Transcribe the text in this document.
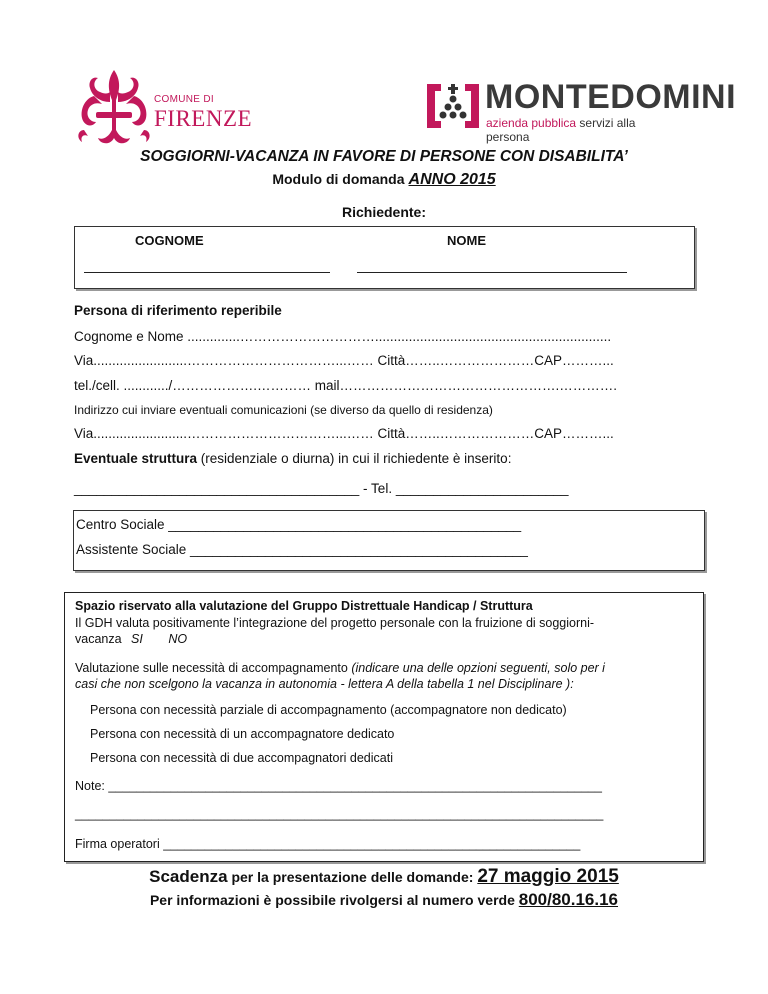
COMUNE DI
FIRENZE
MONTEDOMINI
azienda pubblica servizi alla persona
SOGGIORNI-VACANZA IN FAVORE DI PERSONE CON DISABILITA’
Modulo di domanda ANNO 2015
Richiedente:
COGNOME	NOME
Persona di riferimento reperibile
Cognome e Nome ..............…………………………...............................................................
Via.........................……………………………...…… Città……..…………………CAP………...
tel./cell. ............/……………….………… mail………………………………………….………….
Indirizzo cui inviare eventuali comunicazioni (se diverso da quello di residenza)
Via.........................……………………………...…… Città……..…………………CAP………...
Eventuale struttura (residenziale o diurna) in cui il richiedente è inserito:
______________________________________ - Tel. _______________________
Centro Sociale _______________________________________________
Assistente Sociale _____________________________________________
Spazio riservato alla valutazione del Gruppo Distrettuale Handicap / Struttura
Il GDH valuta positivamente l’integrazione del progetto personale con la fruizione di soggiorni-
vacanza SI NO
Valutazione sulle necessità di accompagnamento (indicare una delle opzioni seguenti, solo per i
casi che non scelgono la vacanza in autonomia - lettera A della tabella 1 nel Disciplinare ):
Persona con necessità parziale di accompagnamento (accompagnatore non dedicato)
Persona con necessità di un accompagnatore dedicato
Persona con necessità di due accompagnatori dedicati
Note: _______________________________________________________________________
____________________________________________________________________________
Firma operatori ____________________________________________________________
Scadenza per la presentazione delle domande: 27 maggio 2015
Per informazioni è possibile rivolgersi al numero verde 800/80.16.16
